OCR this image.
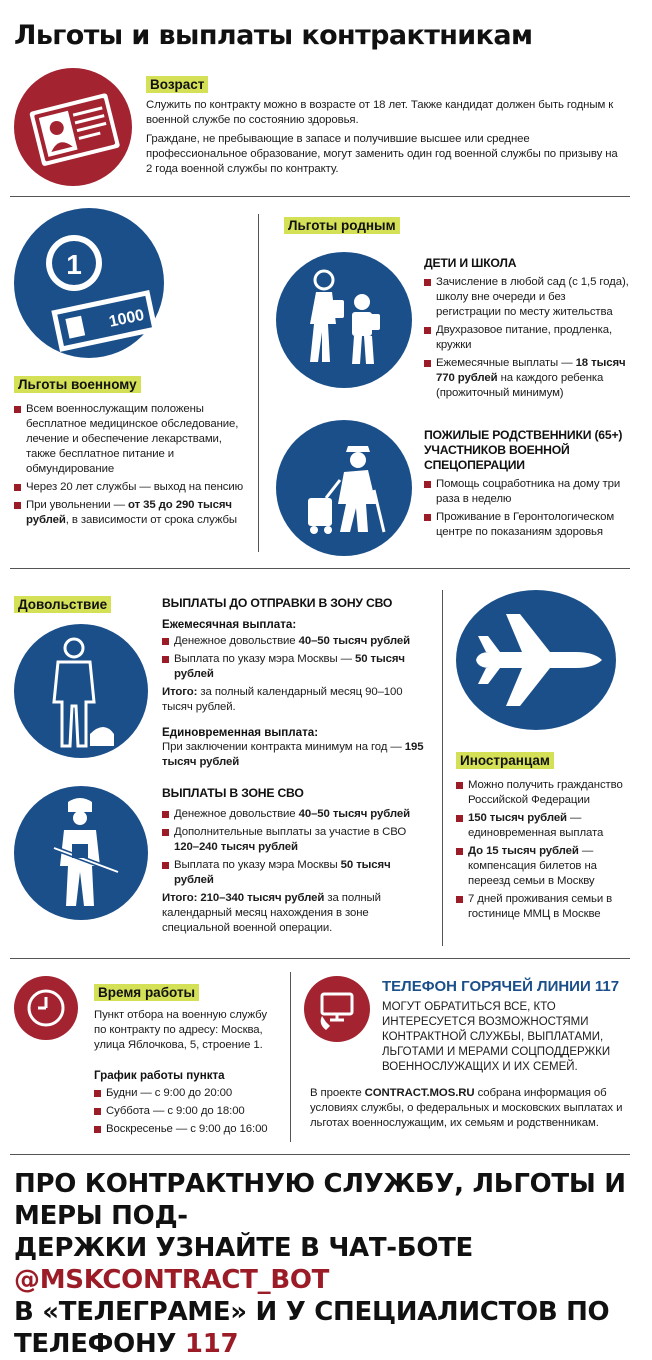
Льготы и выплаты контрактникам
Возраст

Служить по контракту можно в возрасте от 18 лет. Также кандидат должен быть годным к военной службе по состоянию здоровья.

Граждане, не пребывающие в запасе и получившие высшее или среднее профессиональное образование, могут заменить один год военной службы по призыву на 2 года военной службы по контракту.

1
1000
Льготы военному
Всем военнослужащим положены бесплатное медицинское обследование, лечение и обеспечение лекарствами, также бесплатное питание и обмундирование
Через 20 лет службы — выход на пенсию
При увольнении — от 35 до 290 тысяч рублей, в зависимости от срока службы
Льготы родным
ДЕТИ И ШКОЛА
Зачисление в любой сад (с 1,5 года), школу вне очереди и без регистрации по месту жительства
Двухразовое питание, продленка, кружки
Ежемесячные выплаты — 18 тысяч 770 рублей на каждого ребенка (прожиточный минимум)
ПОЖИЛЫЕ РОДСТВЕННИКИ (65+) УЧАСТНИКОВ ВОЕННОЙ СПЕЦОПЕРАЦИИ
Помощь соцработника на дому три раза в неделю
Проживание в Геронтологическом центре по показаниям здоровья
Довольствие	ВЫПЛАТЫ ДО ОТПРАВКИ В ЗОНУ СВО
Ежемесячная выплата:
Денежное довольствие 40–50 тысяч рублей
Выплата по указу мэра Москвы — 50 тысяч рублей
Итого: за полный календарный месяц 90–100 тысяч рублей.
Единовременная выплата:
При заключении контракта минимум на год — 195 тысяч рублей
ВЫПЛАТЫ В ЗОНЕ СВО
Денежное довольствие 40–50 тысяч рублей
Дополнительные выплаты за участие в СВО 120–240 тысяч рублей
Выплата по указу мэра Москвы 50 тысяч рублей
Итого: 210–340 тысяч рублей за полный календарный месяц нахождения в зоне специальной военной операции.
Иностранцам
Можно получить гражданство Российской Федерации
150 тысяч рублей — единовременная выплата
До 15 тысяч рублей — компенсация билетов на переезд семьи в Москву
7 дней проживания семьи в гостинице ММЦ в Москве
Время работы
Пункт отбора на военную службу по контракту по адресу: Москва, улица Яблочкова, 5, строение 1.
График работы пункта
Будни — с 9:00 до 20:00
Суббота — с 9:00 до 18:00
Воскресенье — с 9:00 до 16:00
ТЕЛЕФОН ГОРЯЧЕЙ ЛИНИИ 117
МОГУТ ОБРАТИТЬСЯ ВСЕ, КТО ИНТЕРЕСУЕТСЯ ВОЗМОЖНОСТЯМИ КОНТРАКТНОЙ СЛУЖБЫ, ВЫПЛАТАМИ, ЛЬГОТАМИ И МЕРАМИ СОЦПОДДЕРЖКИ ВОЕННОСЛУЖАЩИХ И ИХ СЕМЕЙ.
В проекте CONTRACT.MOS.RU собрана информация об условиях службы, о федеральных и московских выплатах и льготах военнослужащим, их семьям и родственникам.
ПРО КОНТРАКТНУЮ СЛУЖБУ, ЛЬГОТЫ И МЕРЫ ПОД-
ДЕРЖКИ УЗНАЙТЕ В ЧАТ-БОТЕ @MSKCONTRACT_BOT
В «ТЕЛЕГРАМЕ» И У СПЕЦИАЛИСТОВ ПО ТЕЛЕФОНУ 117
